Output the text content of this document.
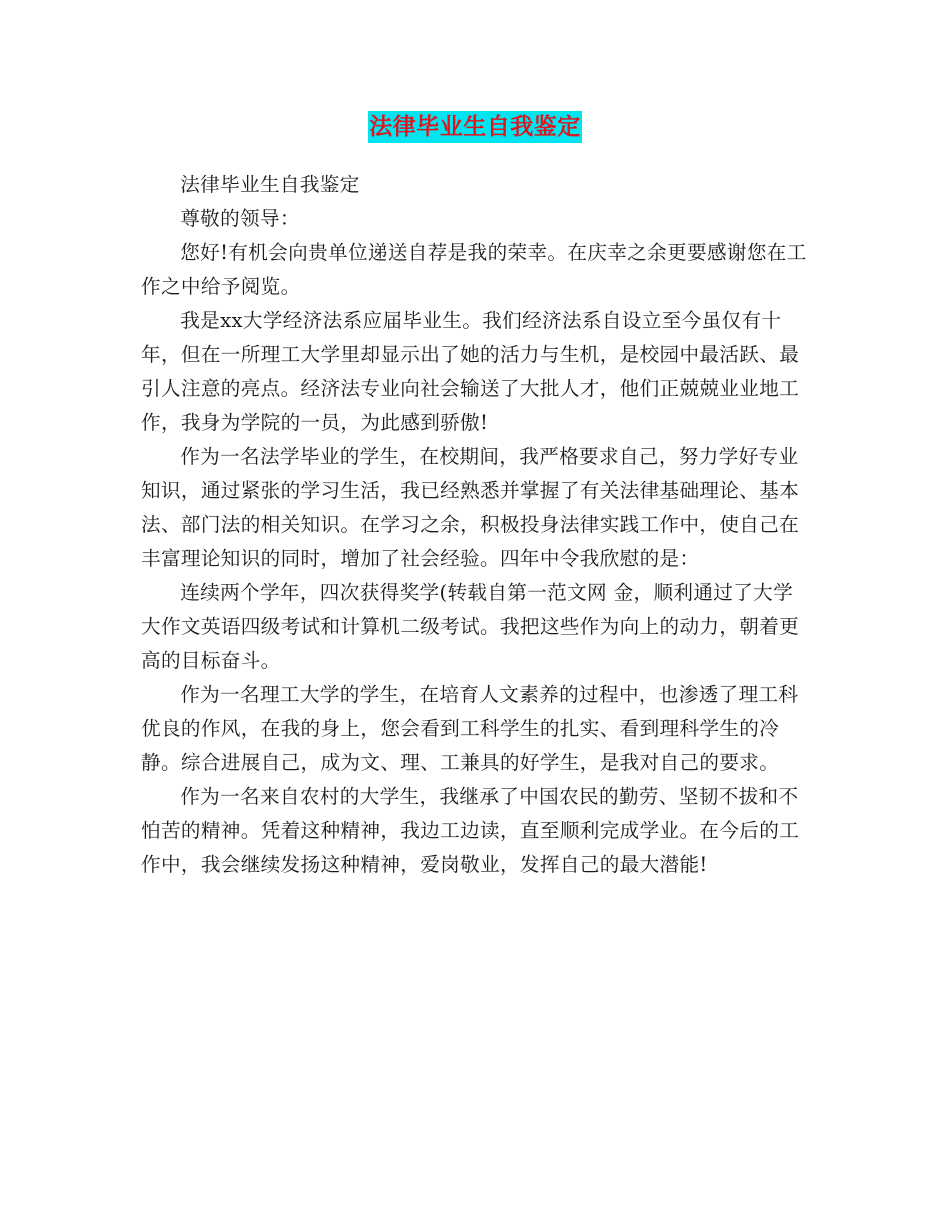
法律毕业生自我鉴定

法律毕业生自我鉴定

尊敬的领导：

您好!有机会向贵单位递送自荐是我的荣幸。在庆幸之余更要感谢您在工作之中给予阅览。

我是xx大学经济法系应届毕业生。我们经济法系自设立至今虽仅有十年，但在一所理工大学里却显示出了她的活力与生机，是校园中最活跃、最引人注意的亮点。经济法专业向社会输送了大批人才，他们正兢兢业业地工作，我身为学院的一员，为此感到骄傲!

作为一名法学毕业的学生，在校期间，我严格要求自己，努力学好专业知识，通过紧张的学习生活，我已经熟悉并掌握了有关法律基础理论、基本法、部门法的相关知识。在学习之余，积极投身法律实践工作中，使自己在丰富理论知识的同时，增加了社会经验。四年中令我欣慰的是：

连续两个学年，四次获得奖学(转载自第一范文网 金，顺利通过了大学大作文英语四级考试和计算机二级考试。我把这些作为向上的动力，朝着更高的目标奋斗。

作为一名理工大学的学生，在培育人文素养的过程中，也渗透了理工科优良的作风，在我的身上，您会看到工科学生的扎实、看到理科学生的冷静。综合进展自己，成为文、理、工兼具的好学生，是我对自己的要求。

作为一名来自农村的大学生，我继承了中国农民的勤劳、坚韧不拔和不怕苦的精神。凭着这种精神，我边工边读，直至顺利完成学业。在今后的工作中，我会继续发扬这种精神，爱岗敬业，发挥自己的最大潜能!
